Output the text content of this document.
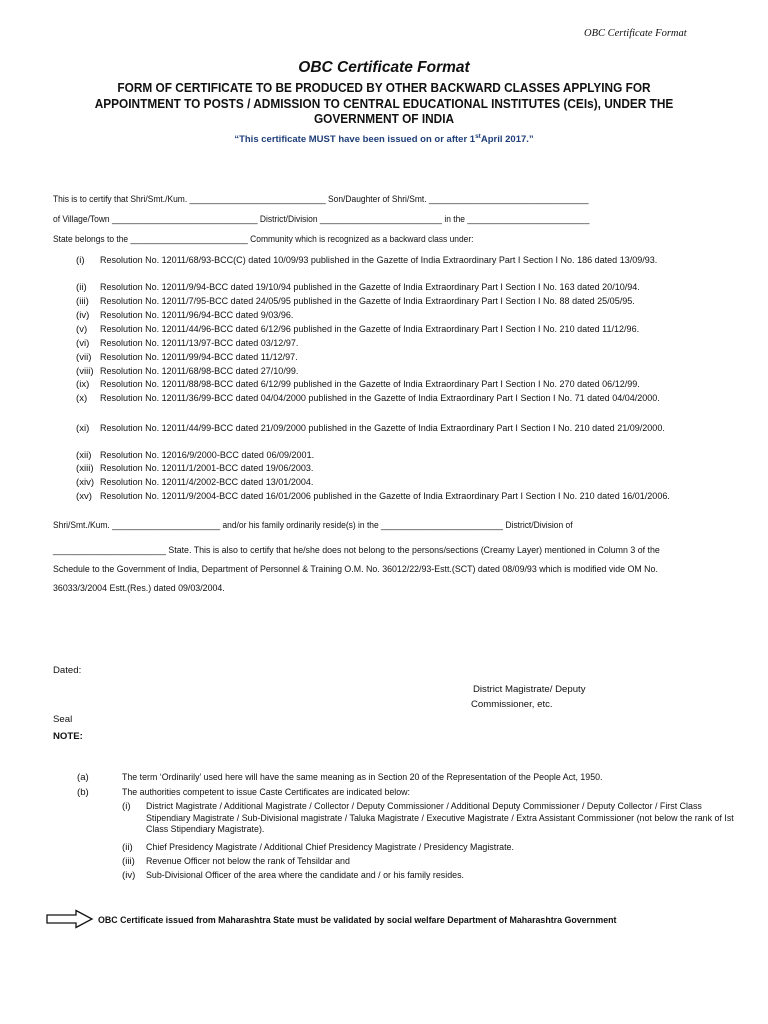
OBC Certificate Format
OBC Certificate Format
FORM OF CERTIFICATE TO BE PRODUCED BY OTHER BACKWARD CLASSES APPLYING FOR APPOINTMENT TO POSTS / ADMISSION TO CENTRAL EDUCATIONAL INSTITUTES (CEIs), UNDER THE GOVERNMENT OF INDIA
“This certificate MUST have been issued on or after 1stApril 2017.”
This is to certify that Shri/Smt./Kum. _____________________________ Son/Daughter of Shri/Smt. __________________________________
of Village/Town _______________________________ District/Division __________________________ in the __________________________
State belongs to the _________________________ Community which is recognized as a backward class under:
(i)	Resolution No. 12011/68/93-BCC(C) dated 10/09/93 published in the Gazette of India Extraordinary Part I Section I No. 186 dated 13/09/93.
(ii)	Resolution No. 12011/9/94-BCC dated 19/10/94 published in the Gazette of India Extraordinary Part I Section I No. 163 dated 20/10/94.
(iii)	Resolution No. 12011/7/95-BCC dated 24/05/95 published in the Gazette of India Extraordinary Part I Section I No. 88 dated 25/05/95.
(iv)	Resolution No. 12011/96/94-BCC dated 9/03/96.
(v)	Resolution No. 12011/44/96-BCC dated 6/12/96 published in the Gazette of India Extraordinary Part I Section I No. 210 dated 11/12/96.
(vi)	Resolution No. 12011/13/97-BCC dated 03/12/97.
(vii) Resolution No. 12011/99/94-BCC dated 11/12/97.
(viii) Resolution No. 12011/68/98-BCC dated 27/10/99.
(ix)	Resolution No. 12011/88/98-BCC dated 6/12/99 published in the Gazette of India Extraordinary Part I Section I No. 270 dated 06/12/99.
(x)	Resolution No. 12011/36/99-BCC dated 04/04/2000 published in the Gazette of India Extraordinary Part I Section I No. 71 dated 04/04/2000.
(xi)	Resolution No. 12011/44/99-BCC dated 21/09/2000 published in the Gazette of India Extraordinary Part I Section I No. 210 dated 21/09/2000.
(xii) Resolution No. 12016/9/2000-BCC dated 06/09/2001.
(xiii) Resolution No. 12011/1/2001-BCC dated 19/06/2003.
(xiv) Resolution No. 12011/4/2002-BCC dated 13/01/2004.
(xv) Resolution No. 12011/9/2004-BCC dated 16/01/2006 published in the Gazette of India Extraordinary Part I Section I No. 210 dated 16/01/2006.
Shri/Smt./Kum. _______________________ and/or his family ordinarily reside(s) in the __________________________ District/Division of
_______________________ State. This is also to certify that he/she does not belong to the persons/sections (Creamy Layer) mentioned in Column 3 of the Schedule to the Government of India, Department of Personnel & Training O.M. No. 36012/22/93-Estt.(SCT) dated 08/09/93 which is modified vide OM No. 36033/3/2004 Estt.(Res.) dated 09/03/2004.
Dated:
District Magistrate/ Deputy
Commissioner, etc.
Seal
NOTE:
(a)	The term ‘Ordinarily’ used here will have the same meaning as in Section 20 of the Representation of the People Act, 1950.
(b)	The authorities competent to issue Caste Certificates are indicated below:
(i) District Magistrate / Additional Magistrate / Collector / Deputy Commissioner / Additional Deputy Commissioner / Deputy Collector / First Class Stipendiary Magistrate / Sub-Divisional magistrate / Taluka Magistrate / Executive Magistrate / Extra Assistant Commissioner (not below the rank of Ist Class Stipendiary Magistrate).
(ii) Chief Presidency Magistrate / Additional Chief Presidency Magistrate / Presidency Magistrate.
(iii) Revenue Officer not below the rank of Tehsildar and
(iv) Sub-Divisional Officer of the area where the candidate and / or his family resides.
OBC Certificate issued from Maharashtra State must be validated by social welfare Department of Maharashtra Government
